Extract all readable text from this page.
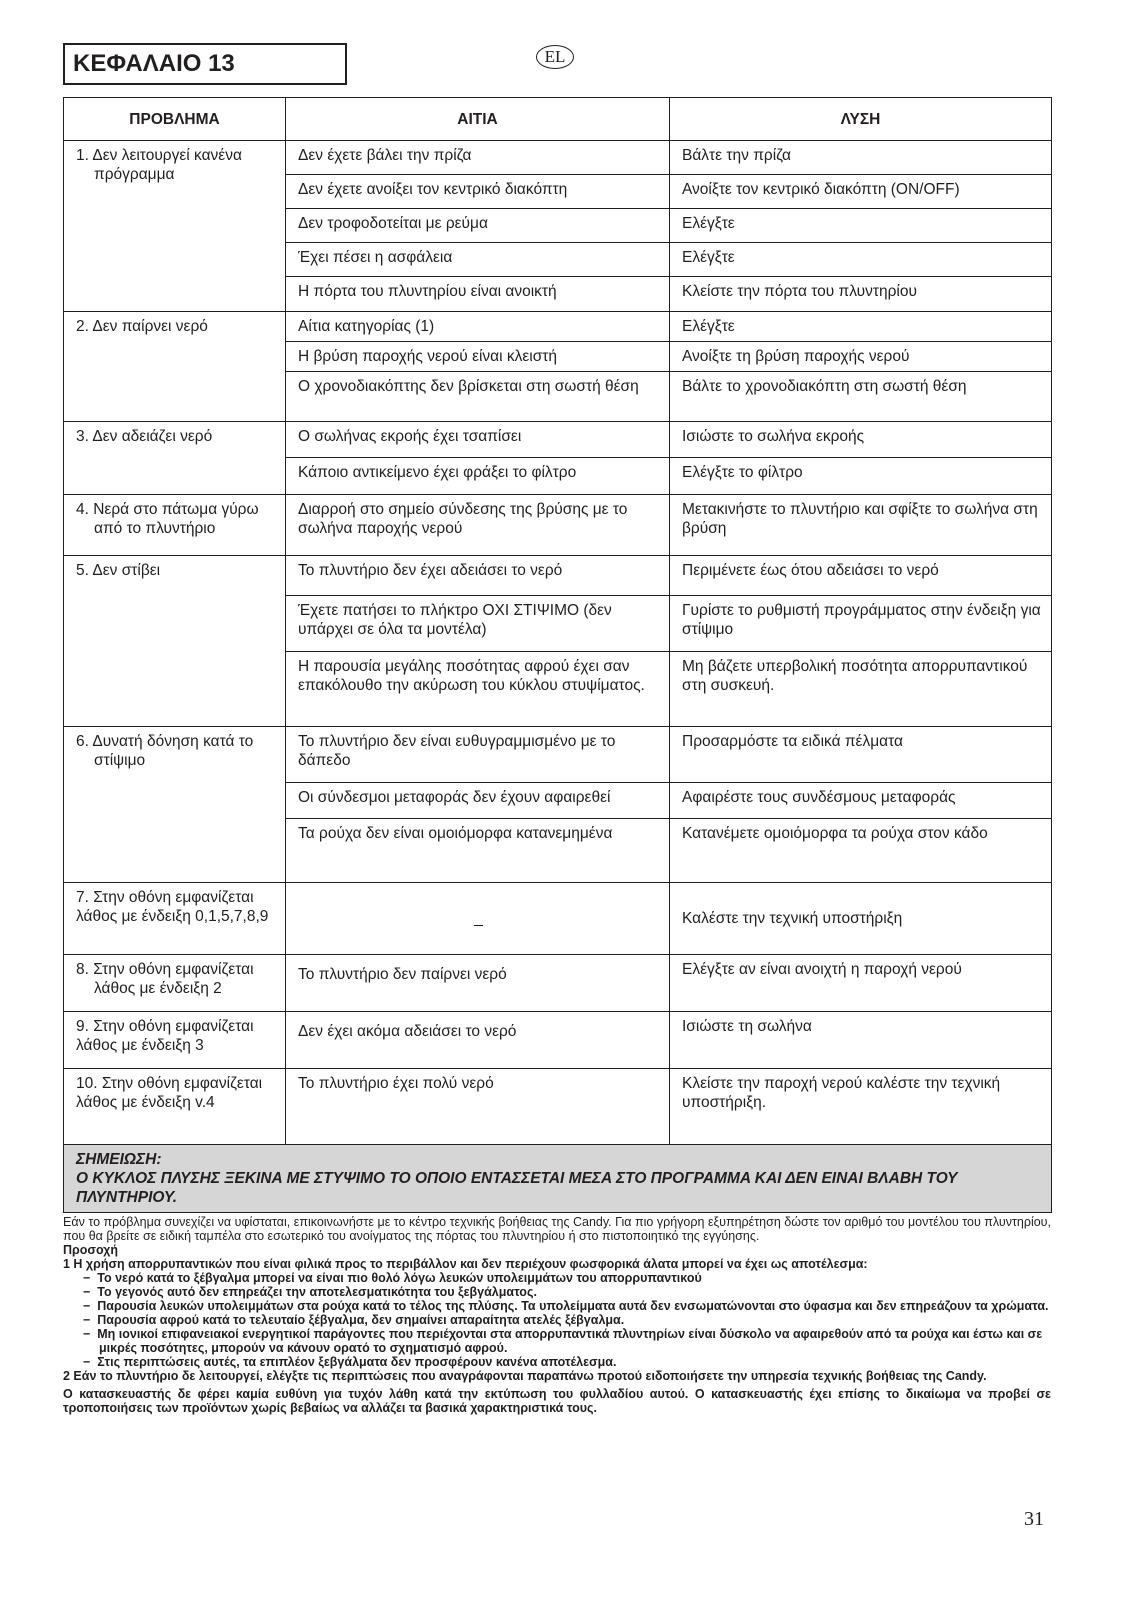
ΚΕΦΑΛΑΙΟ 13	EL
ΠΡΟΒΛΗΜΑ	ΑΙΤΙΑ	ΛΥΣΗ

1. Δεν λειτουργεί κανένα πρόγραμμα	Δεν έχετε βάλει την πρίζα	Βάλτε την πρίζα
	Δεν έχετε ανοίξει τον κεντρικό διακόπτη	Ανοίξτε τον κεντρικό διακόπτη (ON/OFF)
	Δεν τροφοδοτείται με ρεύμα	Ελέγξτε
	Έχει πέσει η ασφάλεια	Ελέγξτε
	Η πόρτα του πλυντηρίου είναι ανοικτή	Κλείστε την πόρτα του πλυντηρίου

2. Δεν παίρνει νερό	Αίτια κατηγορίας (1)	Ελέγξτε
	Η βρύση παροχής νερού είναι κλειστή	Ανοίξτε τη βρύση παροχής νερού
	Ο χρονοδιακόπτης δεν βρίσκεται στη σωστή θέση	Βάλτε το χρονοδιακόπτη στη σωστή θέση

3. Δεν αδειάζει νερό	Ο σωλήνας εκροής έχει τσαπίσει	Ισιώστε το σωλήνα εκροής
	Κάποιο αντικείμενο έχει φράξει το φίλτρο	Ελέγξτε το φίλτρο

4. Νερά στο πάτωμα γύρω από το πλυντήριο	Διαρροή στο σημείο σύνδεσης της βρύσης με το σωλήνα παροχής νερού	Μετακινήστε το πλυντήριο και σφίξτε το σωλήνα στη βρύση

5. Δεν στίβει	Το πλυντήριο δεν έχει αδειάσει το νερό	Περιμένετε έως ότου αδειάσει το νερό
	Έχετε πατήσει το πλήκτρο ΟΧΙ ΣΤΙΨΙΜΟ (δεν υπάρχει σε όλα τα μοντέλα)	Γυρίστε το ρυθμιστή προγράμματος στην ένδειξη για στίψιμο
	Η παρουσία μεγάλης ποσότητας αφρού έχει σαν επακόλουθο την ακύρωση του κύκλου στυψίματος.	Μη βάζετε υπερβολική ποσότητα απορρυπαντικού στη συσκευή.

6. Δυνατή δόνηση κατά το στίψιμο	Το πλυντήριο δεν είναι ευθυγραμμισμένο με το δάπεδο	Προσαρμόστε τα ειδικά πέλματα
	Οι σύνδεσμοι μεταφοράς δεν έχουν αφαιρεθεί	Αφαιρέστε τους συνδέσμους μεταφοράς
	Τα ρούχα δεν είναι ομοιόμορφα κατανεμημένα	Κατανέμετε ομοιόμορφα τα ρούχα στον κάδο
7. Στην οθόνη εμφανίζεται λάθος με ένδειξη 0,1,5,7,8,9	_	Καλέστε την τεχνική υποστήριξη

8. Στην οθόνη εμφανίζεται λάθος με ένδειξη 2	Το πλυντήριο δεν παίρνει νερό	Ελέγξτε αν είναι ανοιχτή η παροχή νερού
9. Στην οθόνη εμφανίζεται λάθος με ένδειξη 3	Δεν έχει ακόμα αδειάσει το νερό	Ισιώστε τη σωλήνα
10. Στην οθόνη εμφανίζεται λάθος με ένδειξη v.4	Το πλυντήριο έχει πολύ νερό	Κλείστε την παροχή νερού καλέστε την τεχνική υποστήριξη.

ΣΗΜΕΙΩΣΗ:
Ο ΚΥΚΛΟΣ ΠΛΥΣΗΣ ΞΕΚΙΝΑ ΜΕ ΣΤΥΨΙΜΟ ΤΟ ΟΠΟΙΟ ΕΝΤΑΣΣΕΤΑΙ ΜΕΣΑ ΣΤΟ ΠΡΟΓΡΑΜΜΑ ΚΑΙ ΔΕΝ ΕΙΝΑΙ ΒΛΑΒΗ ΤΟΥ ΠΛΥΝΤΗΡΙΟΥ.		

Εάν το πρόβλημα συνεχίζει να υφίσταται, επικοινωνήστε με το κέντρο τεχνικής βοήθειας της Candy. Για πιο γρήγορη εξυπηρέτηση δώστε τον αριθμό του μοντέλου του πλυντηρίου, που θα βρείτε σε ειδική ταμπέλα στο εσωτερικό του ανοίγματος της πόρτας του πλυντηρίου ή στο πιστοποιητικό της εγγύησης.

Προσοχή

1 Η χρήση απορρυπαντικών που είναι φιλικά προς το περιβάλλον και δεν περιέχουν φωσφορικά άλατα μπορεί να έχει ως αποτέλεσμα:

−  Το νερό κατά το ξέβγαλμα μπορεί να είναι πιο θολό λόγω λευκών υπολειμμάτων του απορρυπαντικού

−  Το γεγονός αυτό δεν επηρεάζει την αποτελεσματικότητα του ξεβγάλματος.

−  Παρουσία λευκών υπολειμμάτων στα ρούχα κατά το τέλος της πλύσης. Τα υπολείμματα αυτά δεν ενσωματώνονται στο ύφασμα και δεν επηρεάζουν τα χρώματα.

−  Παρουσία αφρού κατά το τελευταίο ξέβγαλμα, δεν σημαίνει απαραίτητα ατελές ξέβγαλμα.

−  Μη ιονικοί επιφανειακοί ενεργητικοί παράγοντες που περιέχονται στα απορρυπαντικά πλυντηρίων είναι δύσκολο να αφαιρεθούν από τα ρούχα και έστω και σε μικρές ποσότητες, μπορούν να κάνουν ορατό το σχηματισμό αφρού.

−  Στις περιπτώσεις αυτές, τα επιπλέον ξεβγάλματα δεν προσφέρουν κανένα αποτέλεσμα.

2 Εάν το πλυντήριο δε λειτουργεί, ελέγξτε τις περιπτώσεις που αναγράφονται παραπάνω προτού ειδοποιήσετε την υπηρεσία τεχνικής βοήθειας της Candy.

Ο κατασκευαστής δε φέρει καμία ευθύνη για τυχόν λάθη κατά την εκτύπωση του φυλλαδίου αυτού. Ο κατασκευαστής έχει επίσης το δικαίωμα να προβεί σε τροποποιήσεις των προϊόντων χωρίς βεβαίως να αλλάζει τα βασικά χαρακτηριστικά τους.

31
